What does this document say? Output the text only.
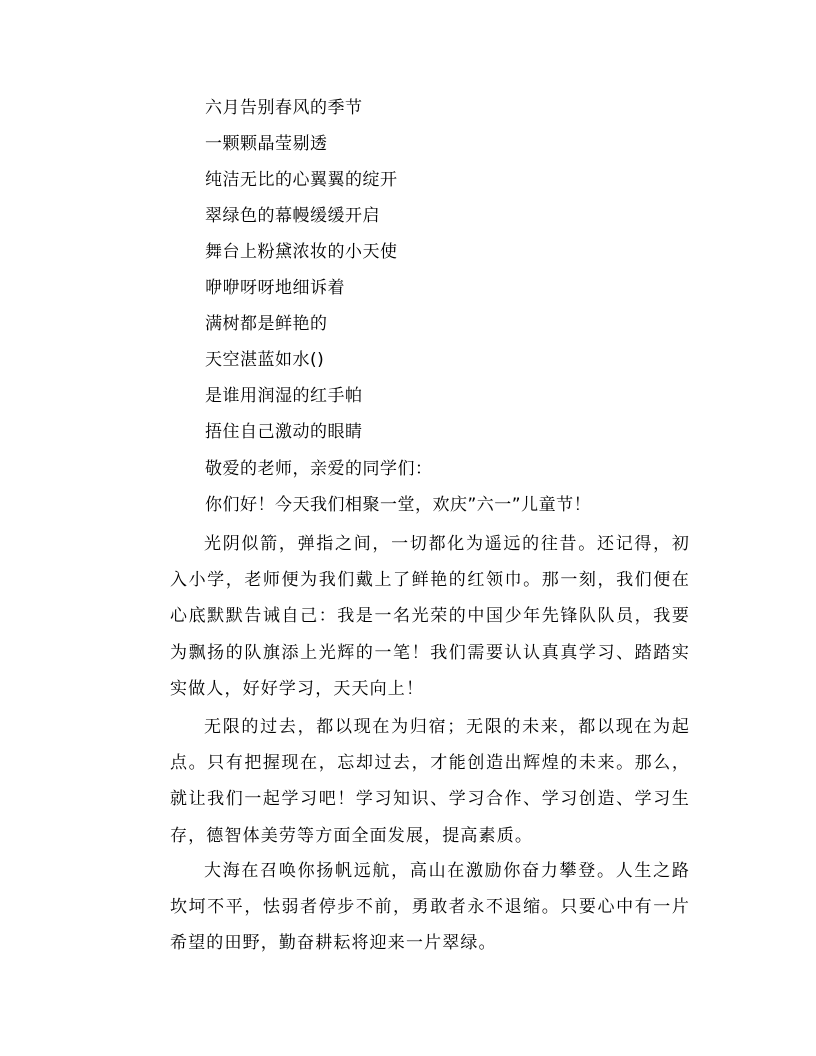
六月告别春风的季节
一颗颗晶莹剔透
纯洁无比的心翼翼的绽开
翠绿色的幕幔缓缓开启
舞台上粉黛浓妆的小天使
咿咿呀呀地细诉着
满树都是鲜艳的
天空湛蓝如水()
是谁用润湿的红手帕
捂住自己激动的眼睛
敬爱的老师，亲爱的同学们：
你们好！今天我们相聚一堂，欢庆”六一”儿童节！
光阴似箭，弹指之间，一切都化为遥远的往昔。还记得，初入小学，老师便为我们戴上了鲜艳的红领巾。那一刻，我们便在心底默默告诫自己：我是一名光荣的中国少年先锋队队员，我要为飘扬的队旗添上光辉的一笔！我们需要认认真真学习、踏踏实实做人，好好学习，天天向上！
无限的过去，都以现在为归宿；无限的未来，都以现在为起点。只有把握现在，忘却过去，才能创造出辉煌的未来。那么，就让我们一起学习吧！学习知识、学习合作、学习创造、学习生存，德智体美劳等方面全面发展，提高素质。
大海在召唤你扬帆远航，高山在激励你奋力攀登。人生之路坎坷不平，怯弱者停步不前，勇敢者永不退缩。只要心中有一片希望的田野，勤奋耕耘将迎来一片翠绿。
